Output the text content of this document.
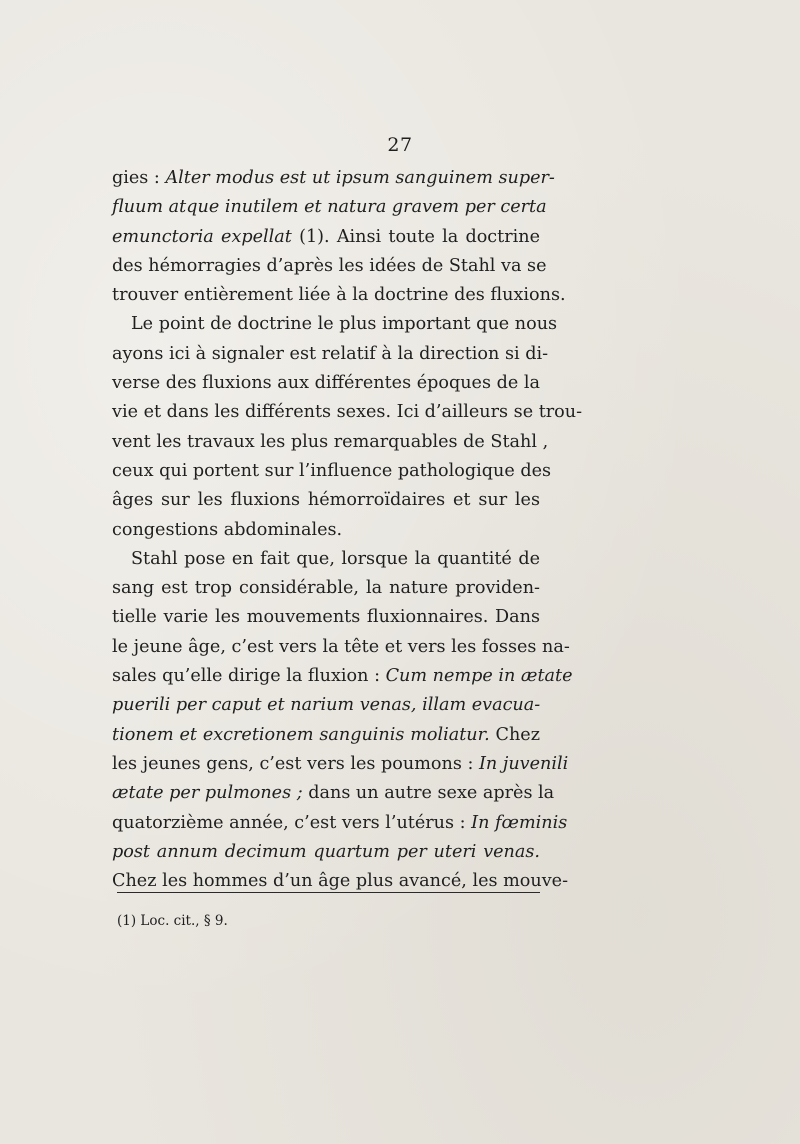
27
gies : Alter modus est ut ipsum sanguinem super-
fluum atque inutilem et natura gravem per certa
emunctoria expellat (1). Ainsi toute la doctrine
des hémorragies d’après les idées de Stahl va se
trouver entièrement liée à la doctrine des fluxions.
Le point de doctrine le plus important que nous
ayons ici à signaler est relatif à la direction si di-
verse des fluxions aux différentes époques de la
vie et dans les différents sexes. Ici d’ailleurs se trou-
vent les travaux les plus remarquables de Stahl ,
ceux qui portent sur l’influence pathologique des
âges sur les fluxions hémorroïdaires et sur les
congestions abdominales.
Stahl pose en fait que, lorsque la quantité de
sang est trop considérable, la nature providen-
tielle varie les mouvements fluxionnaires. Dans
le jeune âge, c’est vers la tête et vers les fosses na-
sales qu’elle dirige la fluxion : Cum nempe in ætate
puerili per caput et narium venas, illam evacua-
tionem et excretionem sanguinis moliatur. Chez
les jeunes gens, c’est vers les poumons : In juvenili
ætate per pulmones ; dans un autre sexe après la
quatorzième année, c’est vers l’utérus : In fœminis
post annum decimum quartum per uteri venas.
Chez les hommes d’un âge plus avancé, les mouve-
(1) Loc. cit., § 9.
